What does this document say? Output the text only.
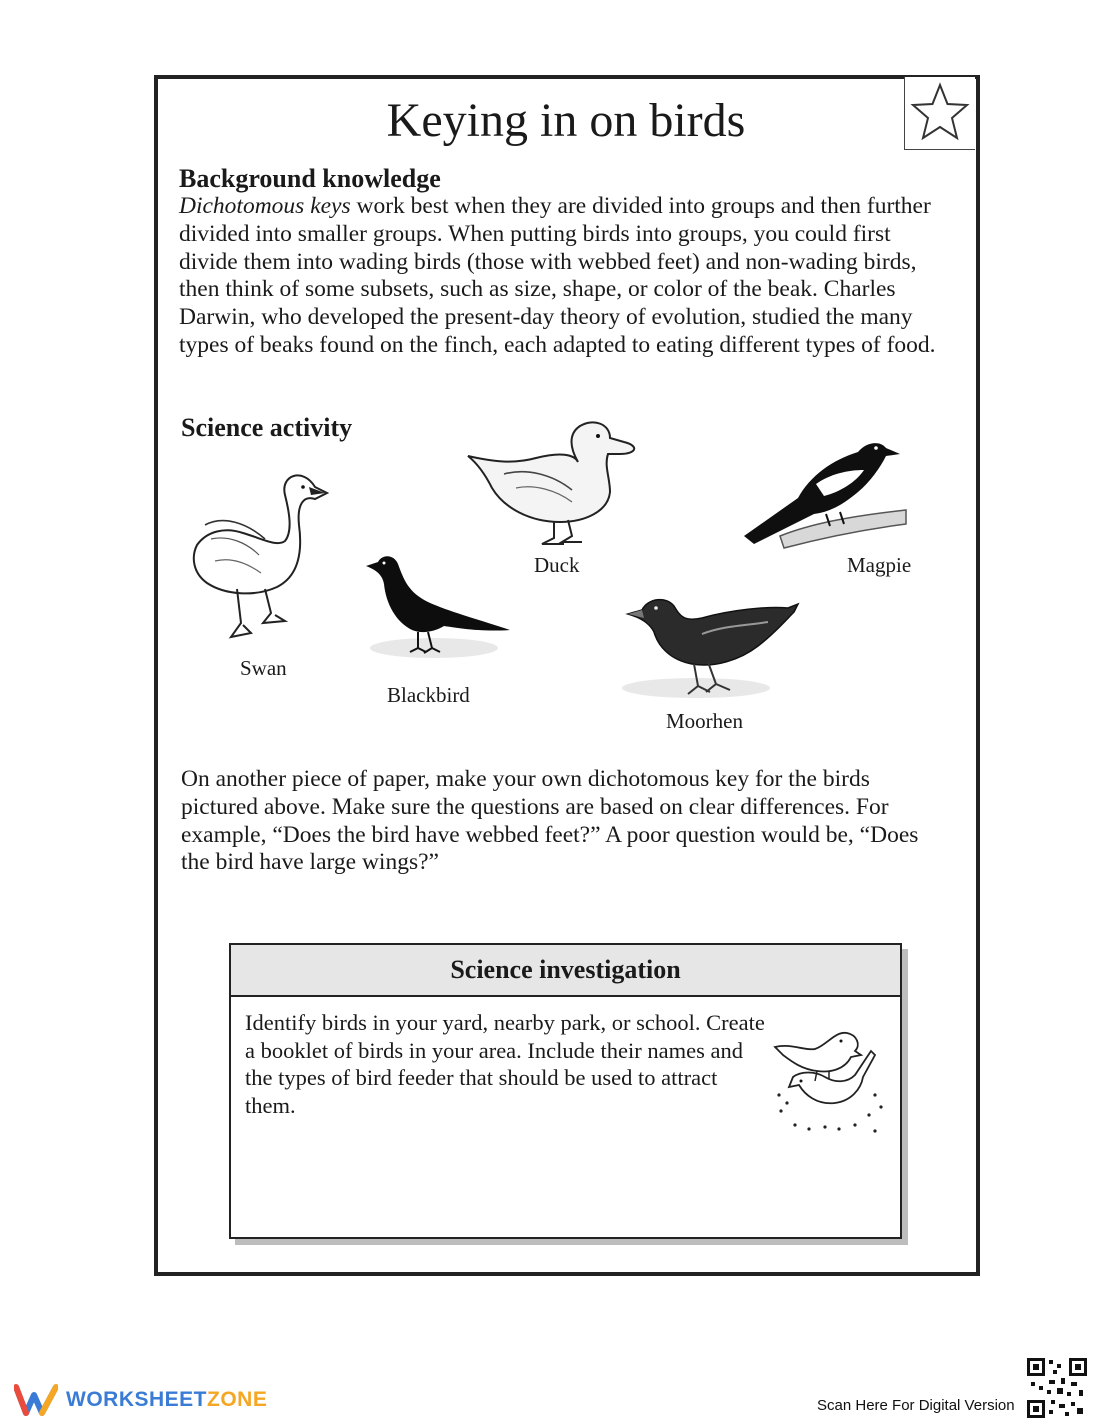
Keying in on birds
Background knowledge

Dichotomous keys work best when they are divided into groups and then further divided into smaller groups. When putting birds into groups, you could first divide them into wading birds (those with webbed feet) and non-wading birds, then think of some subsets, such as size, shape, or color of the beak. Charles Darwin, who developed the present-day theory of evolution, studied the many types of beaks found on the finch, each adapted to eating different types of food.

Science activity
Swan
Blackbird
Duck
Moorhen
Magpie

On another piece of paper, make your own dichotomous key for the birds pictured above. Make sure the questions are based on clear differences. For example, “Does the bird have webbed feet?” A poor question would be, “Does the bird have large wings?”

Science investigation

Identify birds in your yard, nearby park, or school. Create a booklet of birds in your area. Include their names and the types of bird feeder that should be used to attract them.

WORKSHEETZONE	Scan Here For Digital Version
